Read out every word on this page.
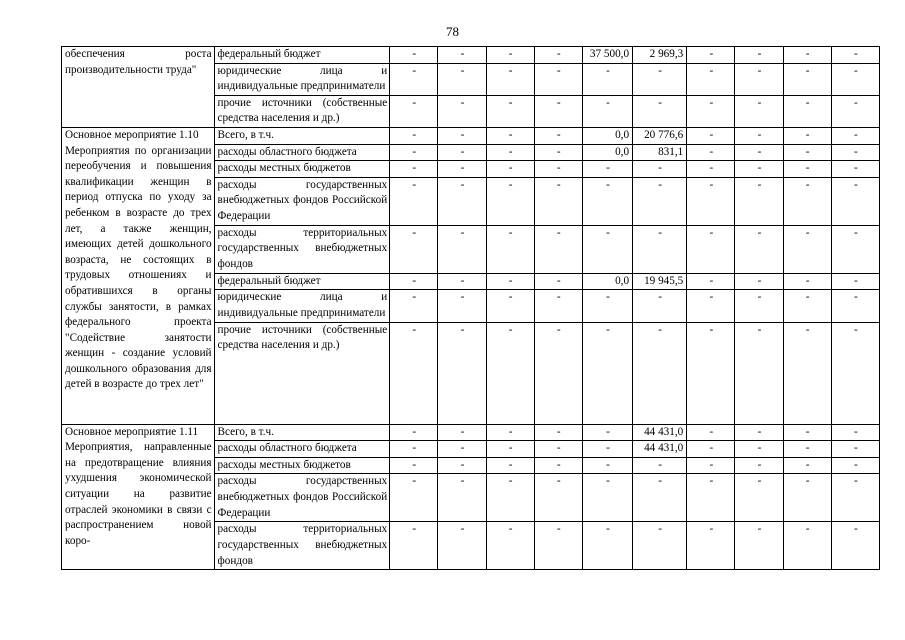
78
обеспечения роста производительности труда"	федеральный бюджет	-	-	-	-	37 500,0	2 969,3	-	-	-	-
	юридические лица и индивидуальные предприниматели	-	-	-	-	-	-	-	-	-	-
	прочие источники (собственные средства населения и др.)	-	-	-	-	-	-	-	-	-	-

Основное мероприятие 1.10
Мероприятия по организации переобучения и повышения квалификации женщин в период отпуска по уходу за ребенком в возрасте до трех лет, а также женщин, имеющих детей дошкольного возраста, не состоящих в трудовых отношениях и обратившихся в органы службы занятости, в рамках федерального проекта "Содействие занятости женщин - создание условий дошкольного образования для детей в возрасте до трех лет"	Всего, в т.ч.	-	-	-	-	0,0	20 776,6	-	-	-	-
	расходы областного бюджета	-	-	-	-	0,0	831,1	-	-	-	-
	расходы местных бюджетов	-	-	-	-	-	-	-	-	-	-
	расходы государственных внебюджетных фондов Российской Федерации	-	-	-	-	-	-	-	-	-	-
	расходы территориальных государственных внебюджетных фондов	-	-	-	-	-	-	-	-	-	-
	федеральный бюджет	-	-	-	-	0,0	19 945,5	-	-	-	-
	юридические лица и индивидуальные предприниматели	-	-	-	-	-	-	-	-	-	-
	прочие источники (собственные средства населения и др.)	-	-	-	-	-	-	-	-	-	-

Основное мероприятие 1.11
Мероприятия, направленные на предотвращение влияния ухудшения экономической ситуации на развитие отраслей экономики в связи с распространением новой коро-	Всего, в т.ч.	-	-	-	-	-	44 431,0	-	-	-	-
	расходы областного бюджета	-	-	-	-	-	44 431,0	-	-	-	-
	расходы местных бюджетов	-	-	-	-	-	-	-	-	-	-
	расходы государственных внебюджетных фондов Российской Федерации	-	-	-	-	-	-	-	-	-	-
	расходы территориальных государственных внебюджетных фондов	-	-	-	-	-	-	-	-	-	-
